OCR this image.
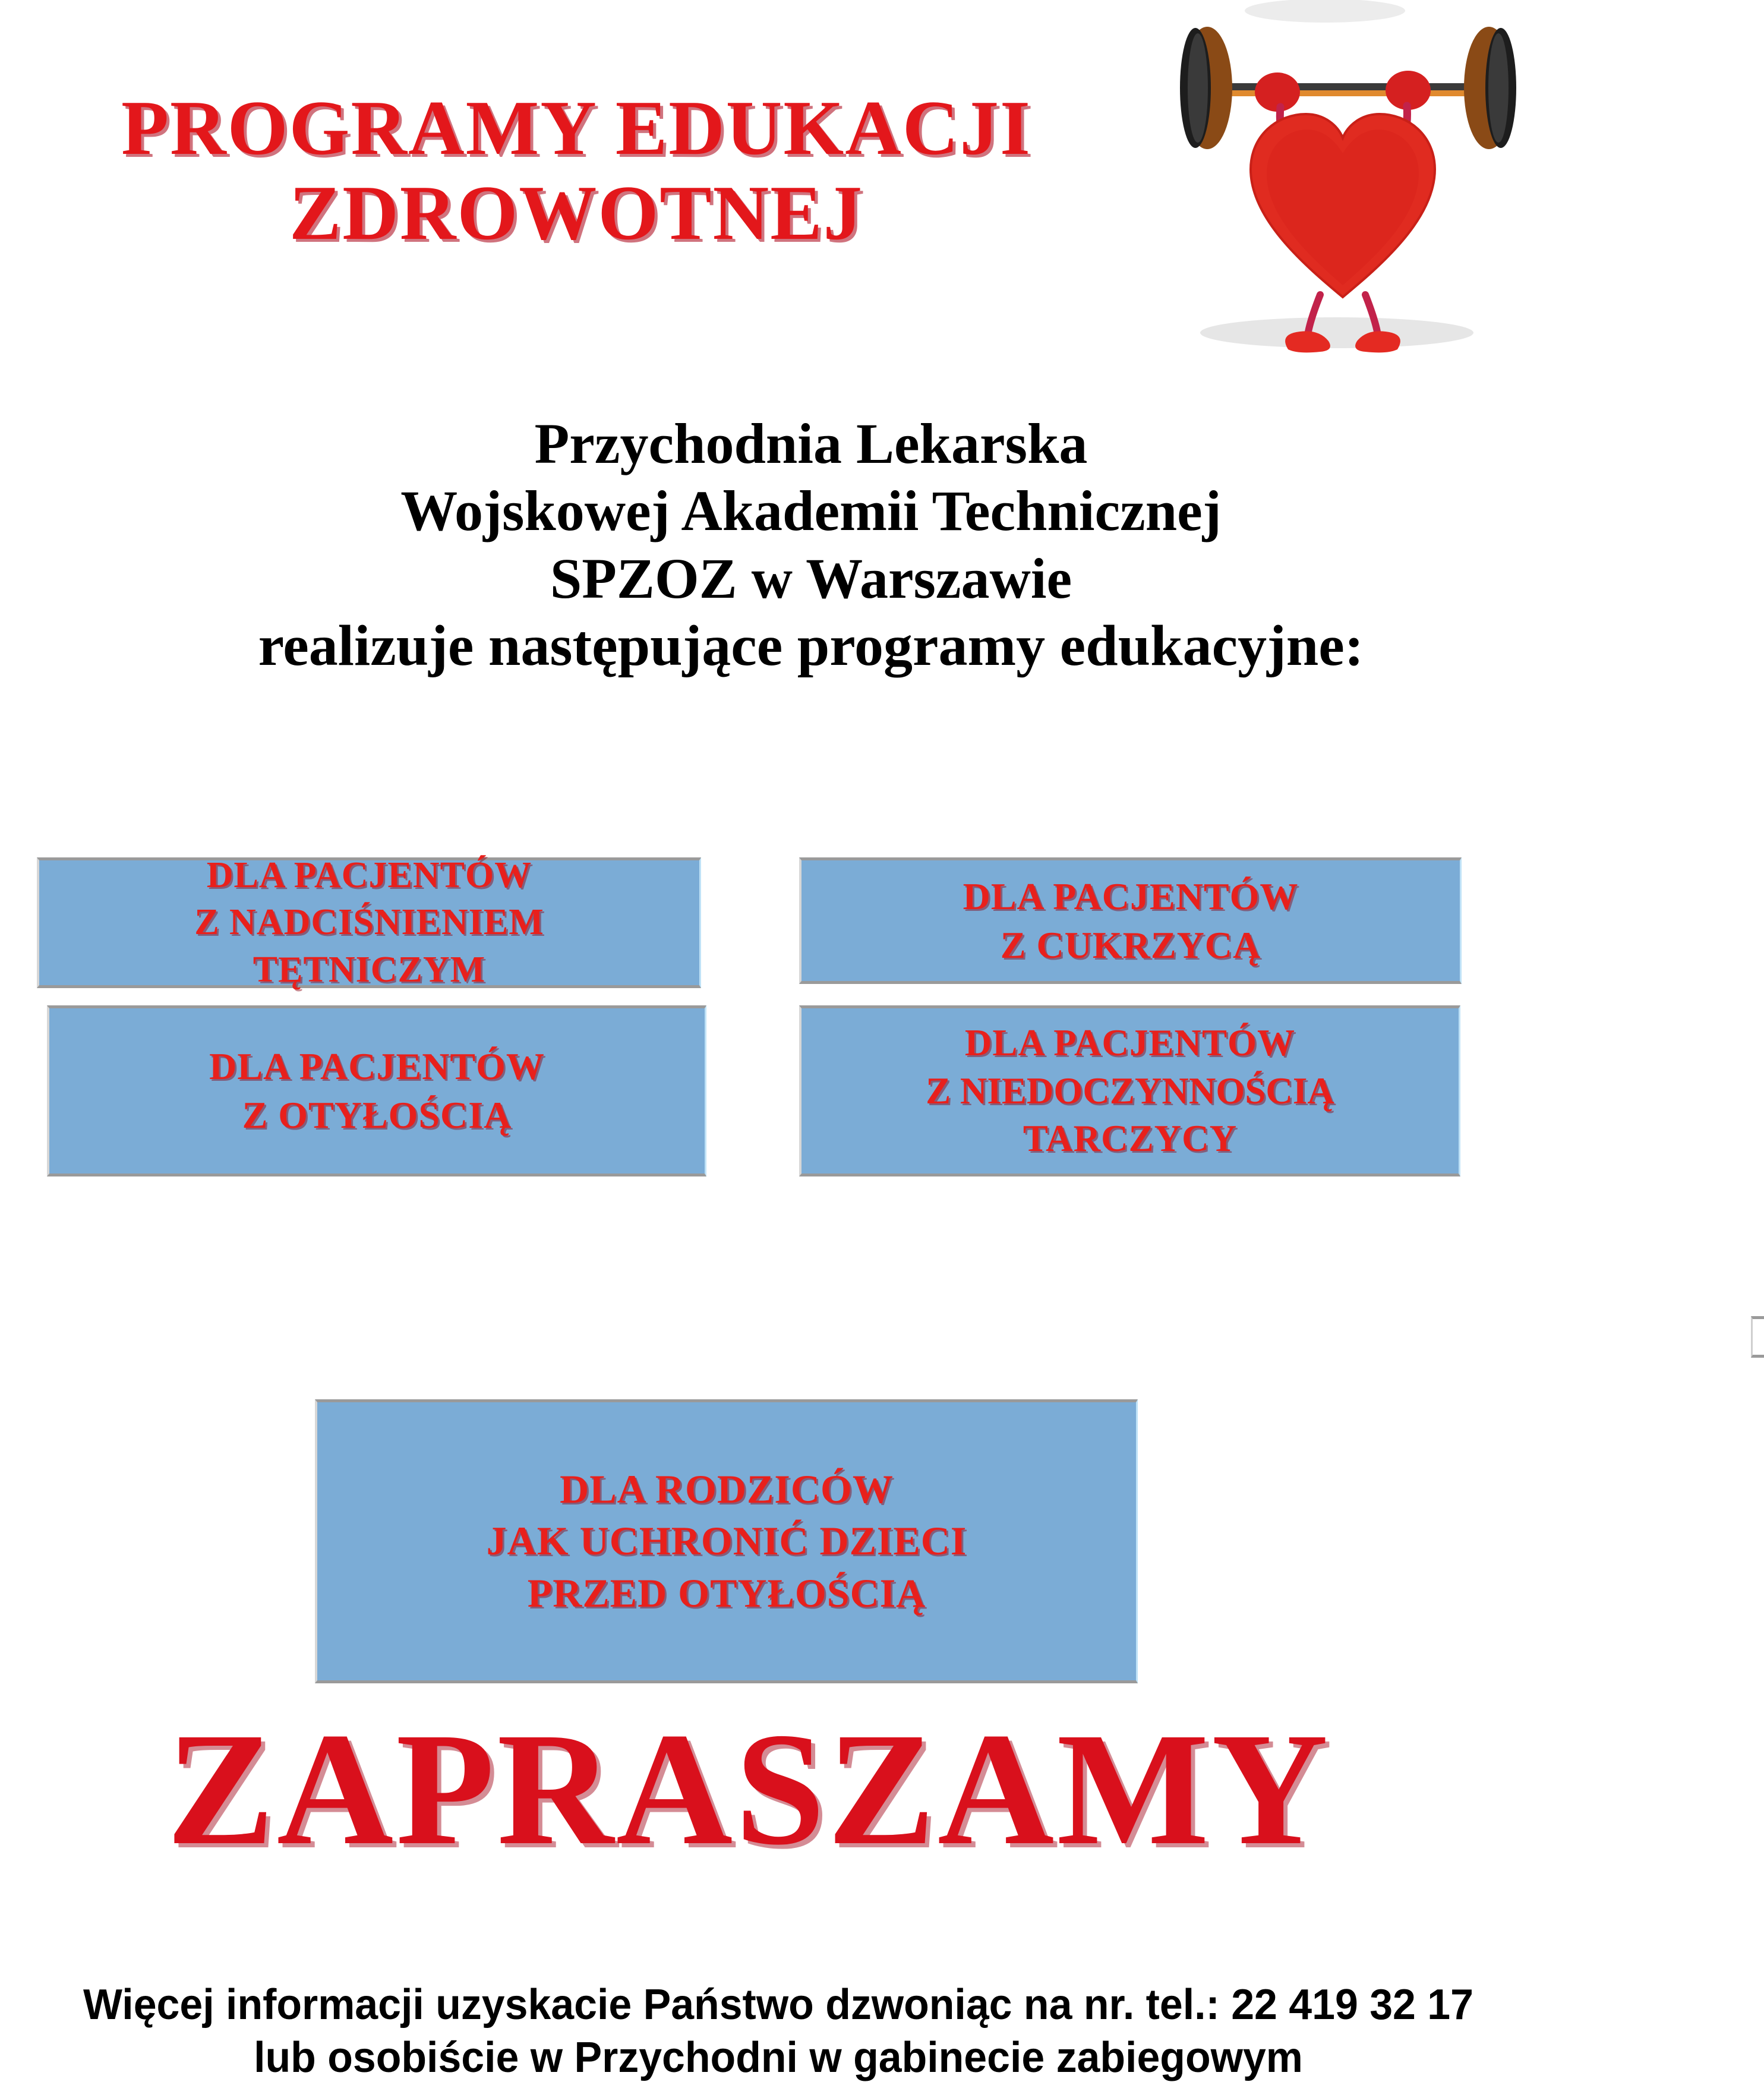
PROGRAMY EDUKACJI
ZDROWOTNEJ
Przychodnia Lekarska
Wojskowej Akademii Technicznej
SPZOZ w Warszawie
realizuje następujące programy edukacyjne:
DLA PACJENTÓW
Z NADCIŚNIENIEM
TĘTNICZYM
DLA PACJENTÓW
Z CUKRZYCĄ
DLA PACJENTÓW
Z OTYŁOŚCIĄ
DLA PACJENTÓW
Z NIEDOCZYNNOŚCIĄ
TARCZYCY
DLA RODZICÓW
JAK UCHRONIĆ DZIECI
PRZED OTYŁOŚCIĄ
ZAPRASZAMY
Więcej informacji uzyskacie Państwo dzwoniąc na nr. tel.: 22 419 32 17
lub osobiście w Przychodni w gabinecie zabiegowym
